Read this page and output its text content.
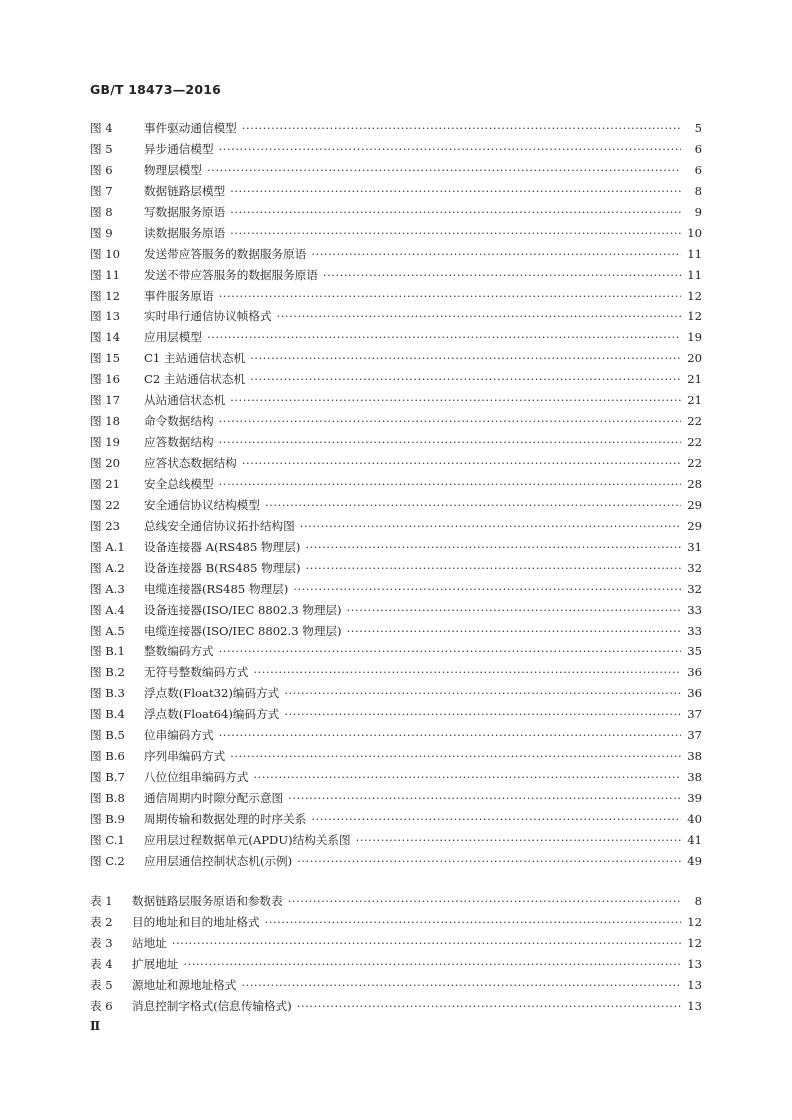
GB/T 18473—2016
图 4	事件驱动通信模型 ·····	5
图 5	异步通信模型 ·····	6
图 6	物理层模型 ·····	6
图 7	数据链路层模型 ·····	8
图 8	写数据服务原语 ·····	9
图 9	读数据服务原语 ·····	10
图 10	发送带应答服务的数据服务原语 ·····	11
图 11	发送不带应答服务的数据服务原语 ·····	11
图 12	事件服务原语 ·····	12
图 13	实时串行通信协议帧格式 ·····	12
图 14	应用层模型 ·····	19
图 15	C1 主站通信状态机 ·····	20
图 16	C2 主站通信状态机 ·····	21
图 17	从站通信状态机 ·····	21
图 18	命令数据结构 ·····	22
图 19	应答数据结构 ·····	22
图 20	应答状态数据结构 ·····	22
图 21	安全总线模型 ·····	28
图 22	安全通信协议结构模型 ·····	29
图 23	总线安全通信协议拓扑结构图 ·····	29
图 A.1	设备连接器 A(RS485 物理层) ·····	31
图 A.2	设备连接器 B(RS485 物理层) ·····	32
图 A.3	电缆连接器(RS485 物理层) ·····	32
图 A.4	设备连接器(ISO/IEC 8802.3 物理层) ·····	33
图 A.5	电缆连接器(ISO/IEC 8802.3 物理层) ·····	33
图 B.1	整数编码方式 ·····	35
图 B.2	无符号整数编码方式 ·····	36
图 B.3	浮点数(Float32)编码方式 ·····	36
图 B.4	浮点数(Float64)编码方式 ·····	37
图 B.5	位串编码方式 ·····	37
图 B.6	序列串编码方式 ·····	38
图 B.7	八位位组串编码方式 ·····	38
图 B.8	通信周期内时隙分配示意图 ·····	39
图 B.9	周期传输和数据处理的时序关系 ·····	40
图 C.1	应用层过程数据单元(APDU)结构关系图 ·····	41
图 C.2	应用层通信控制状态机(示例) ·····	49
表 1	数据链路层服务原语和参数表 ·····	8
表 2	目的地址和目的地址格式 ·····	12
表 3	站地址 ·····	12
表 4	扩展地址 ·····	13
表 5	源地址和源地址格式 ·····	13
表 6	消息控制字格式(信息传输格式) ·····	13
Ⅱ
